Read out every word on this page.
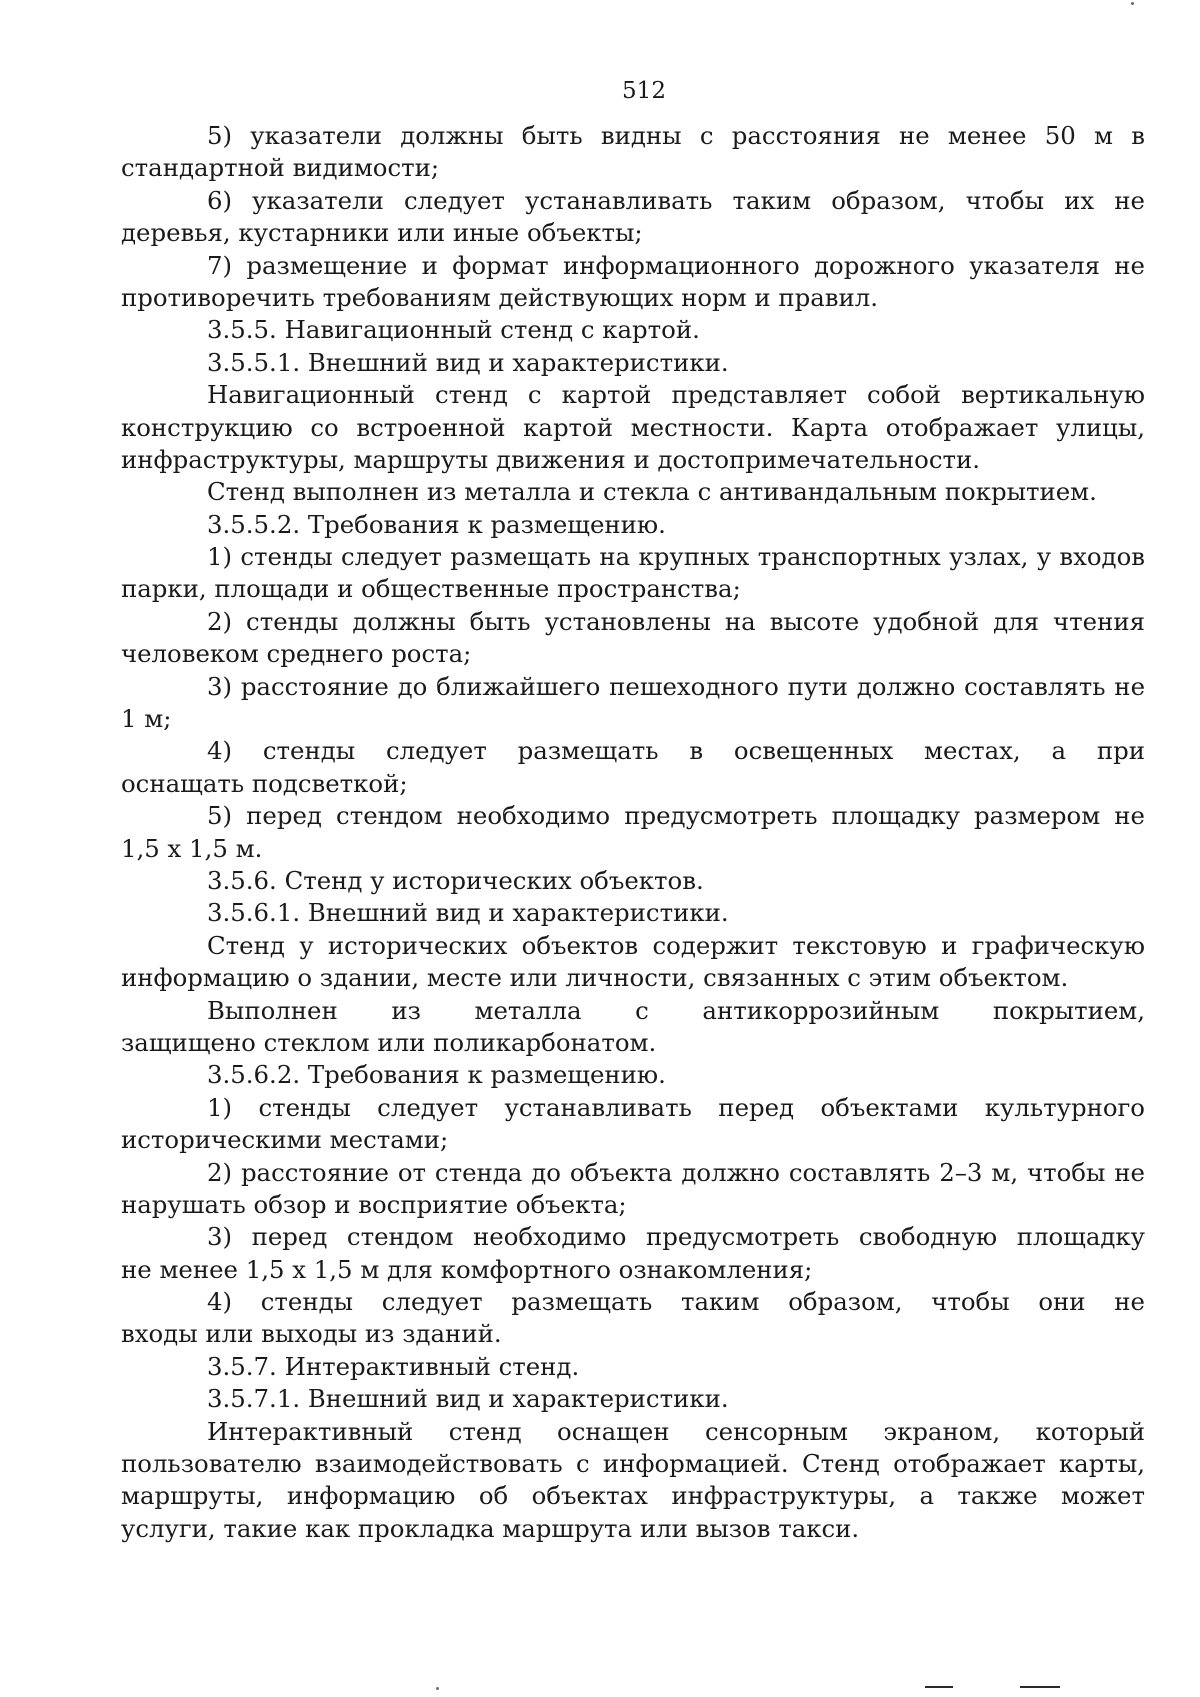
512
5) указатели должны быть видны с расстояния не менее 50 м в
стандартной видимости;
6) указатели следует устанавливать таким образом, чтобы их не
деревья, кустарники или иные объекты;
7) размещение и формат информационного дорожного указателя не
противоречить требованиям действующих норм и правил.
3.5.5. Навигационный стенд с картой.
3.5.5.1. Внешний вид и характеристики.
Навигационный стенд с картой представляет собой вертикальную
конструкцию со встроенной картой местности. Карта отображает улицы,
инфраструктуры, маршруты движения и достопримечательности.
Стенд выполнен из металла и стекла с антивандальным покрытием.
3.5.5.2. Требования к размещению.
1) стенды следует размещать на крупных транспортных узлах, у входов
парки, площади и общественные пространства;
2) стенды должны быть установлены на высоте удобной для чтения
человеком среднего роста;
3) расстояние до ближайшего пешеходного пути должно составлять не
1 м;
4) стенды следует размещать в освещенных местах, а при
оснащать подсветкой;
5) перед стендом необходимо предусмотреть площадку размером не
1,5 х 1,5 м.
3.5.6. Стенд у исторических объектов.
3.5.6.1. Внешний вид и характеристики.
Стенд у исторических объектов содержит текстовую и графическую
информацию о здании, месте или личности, связанных с этим объектом.
Выполнен из металла с антикоррозийным покрытием,
защищено стеклом или поликарбонатом.
3.5.6.2. Требования к размещению.
1) стенды следует устанавливать перед объектами культурного
историческими местами;
2) расстояние от стенда до объекта должно составлять 2–3 м, чтобы не
нарушать обзор и восприятие объекта;
3) перед стендом необходимо предусмотреть свободную площадку
не менее 1,5 х 1,5 м для комфортного ознакомления;
4) стенды следует размещать таким образом, чтобы они не
входы или выходы из зданий.
3.5.7. Интерактивный стенд.
3.5.7.1. Внешний вид и характеристики.
Интерактивный стенд оснащен сенсорным экраном, который
пользователю взаимодействовать с информацией. Стенд отображает карты,
маршруты, информацию об объектах инфраструктуры, а также может
услуги, такие как прокладка маршрута или вызов такси.
